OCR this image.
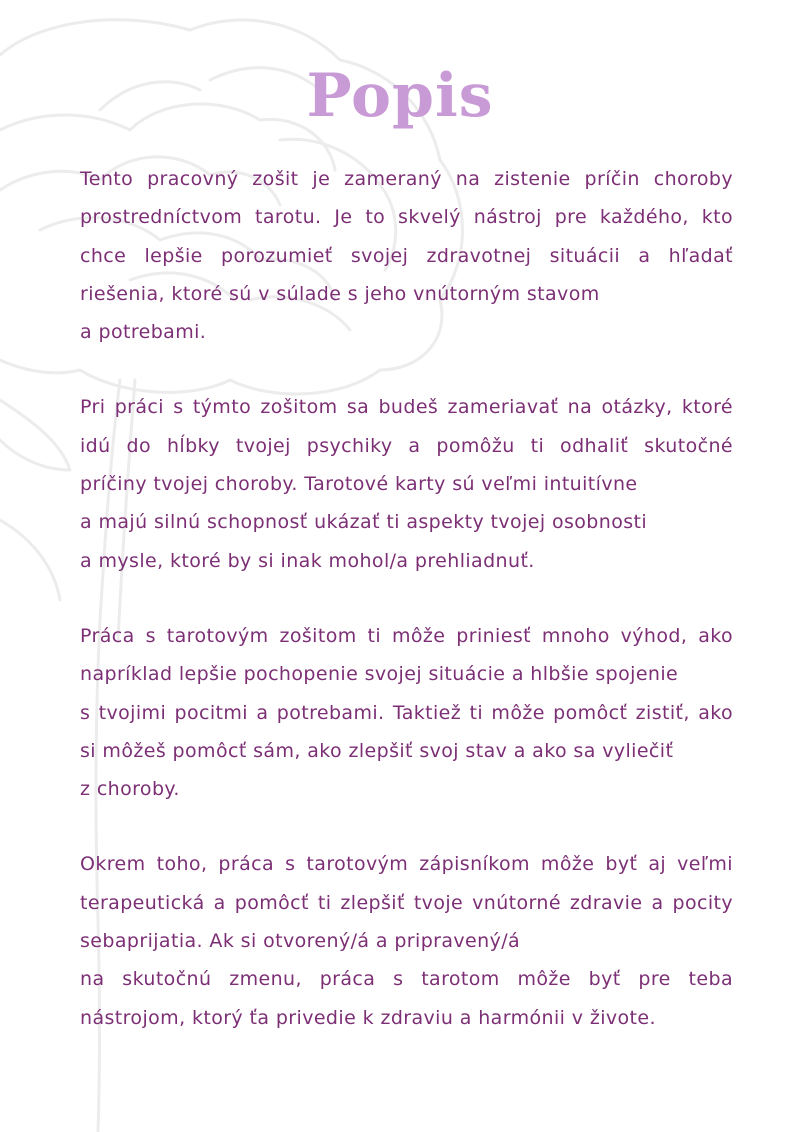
Popis
Tento pracovný zošit je zameraný na zistenie príčin choroby
prostredníctvom tarotu. Je to skvelý nástroj pre každého, kto
chce lepšie porozumieť svojej zdravotnej situácii a hľadať
riešenia, ktoré sú v súlade s jeho vnútorným stavom
a potrebami.
Pri práci s týmto zošitom sa budeš zameriavať na otázky, ktoré
idú do hĺbky tvojej psychiky a pomôžu ti odhaliť skutočné
príčiny tvojej choroby. Tarotové karty sú veľmi intuitívne
a majú silnú schopnosť ukázať ti aspekty tvojej osobnosti
a mysle, ktoré by si inak mohol/a prehliadnuť.
Práca s tarotovým zošitom ti môže priniesť mnoho výhod, ako
napríklad lepšie pochopenie svojej situácie a hlbšie spojenie
s tvojimi pocitmi a potrebami. Taktiež ti môže pomôcť zistiť, ako
si môžeš pomôcť sám, ako zlepšiť svoj stav a ako sa vyliečiť
z choroby.
Okrem toho, práca s tarotovým zápisníkom môže byť aj veľmi
terapeutická a pomôcť ti zlepšiť tvoje vnútorné zdravie a pocity
sebaprijatia. Ak si otvorený/á a pripravený/á
na skutočnú zmenu, práca s tarotom môže byť pre teba
nástrojom, ktorý ťa privedie k zdraviu a harmónii v živote.
